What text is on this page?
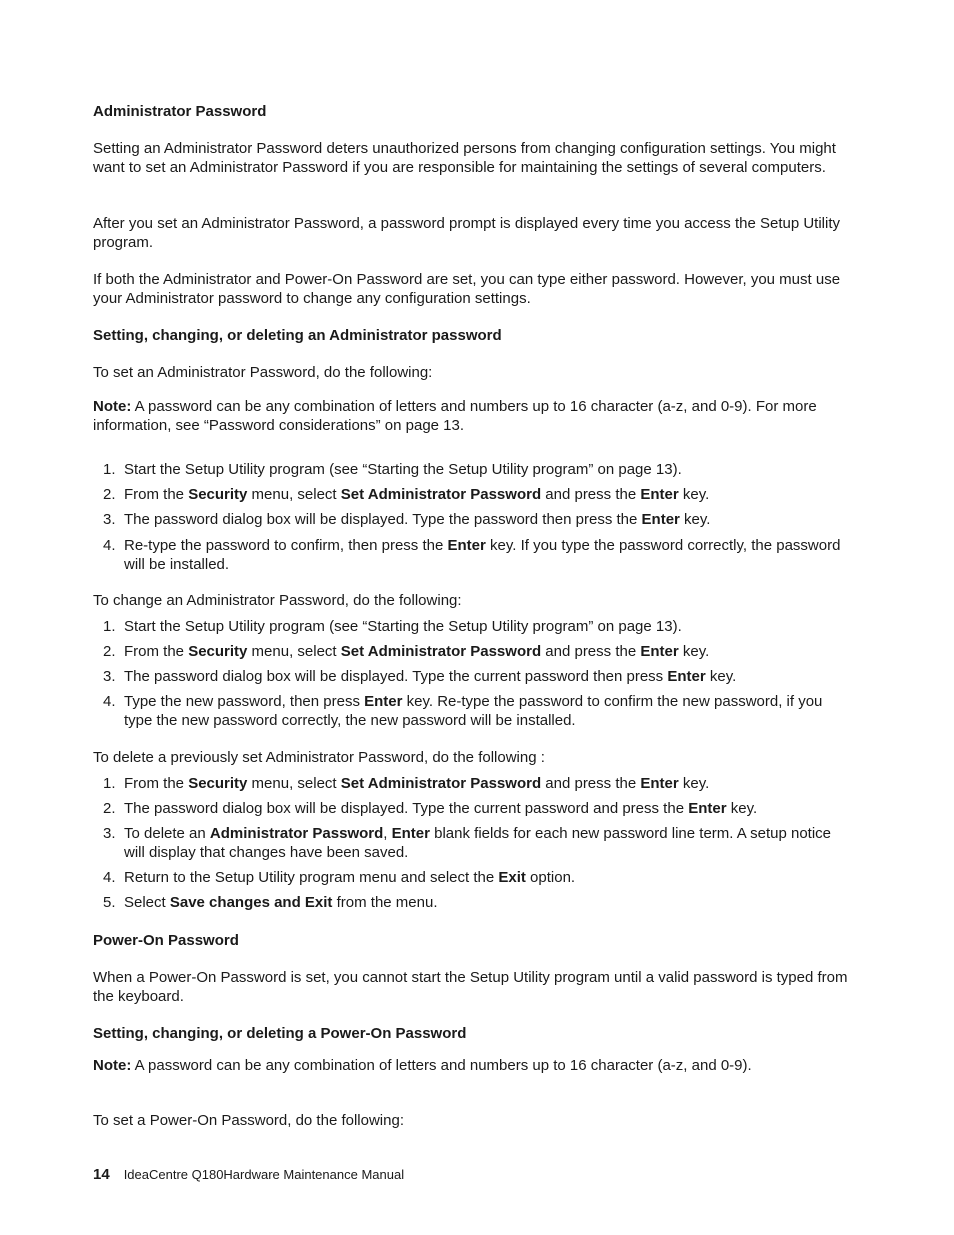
Administrator Password

Setting an Administrator Password deters unauthorized persons from changing configuration settings. You might want to set an Administrator Password if you are responsible for maintaining the settings of several computers.

After you set an Administrator Password, a password prompt is displayed every time you access the Setup Utility program.

If both the Administrator and Power-On Password are set, you can type either password. However, you must use your Administrator password to change any configuration settings.

Setting, changing, or deleting an Administrator password

To set an Administrator Password, do the following:

Note: A password can be any combination of letters and numbers up to 16 character (a-z, and 0-9). For more information, see “Password considerations” on page 13.

1. Start the Setup Utility program (see “Starting the Setup Utility program” on page 13).
2. From the Security menu, select Set Administrator Password and press the Enter key.
3. The password dialog box will be displayed. Type the password then press the Enter key.
4. Re-type the password to confirm, then press the Enter key. If you type the password correctly, the password will be installed.

To change an Administrator Password, do the following:

1. Start the Setup Utility program (see “Starting the Setup Utility program” on page 13).
2. From the Security menu, select Set Administrator Password and press the Enter key.
3. The password dialog box will be displayed. Type the current password then press Enter key.
4. Type the new password, then press Enter key. Re-type the password to confirm the new password, if you type the new password correctly, the new password will be installed.

To delete a previously set Administrator Password, do the following :

1. From the Security menu, select Set Administrator Password and press the Enter key.
2. The password dialog box will be displayed. Type the current password and press the Enter key.
3. To delete an Administrator Password, Enter blank fields for each new password line term. A setup notice will display that changes have been saved.
4. Return to the Setup Utility program menu and select the Exit option.
5. Select Save changes and Exit from the menu.

Power-On Password

When a Power-On Password is set, you cannot start the Setup Utility program until a valid password is typed from the keyboard.

Setting, changing, or deleting a Power-On Password

Note: A password can be any combination of letters and numbers up to 16 character (a-z, and 0-9).

To set a Power-On Password, do the following:

14 IdeaCentre Q180Hardware Maintenance Manual
